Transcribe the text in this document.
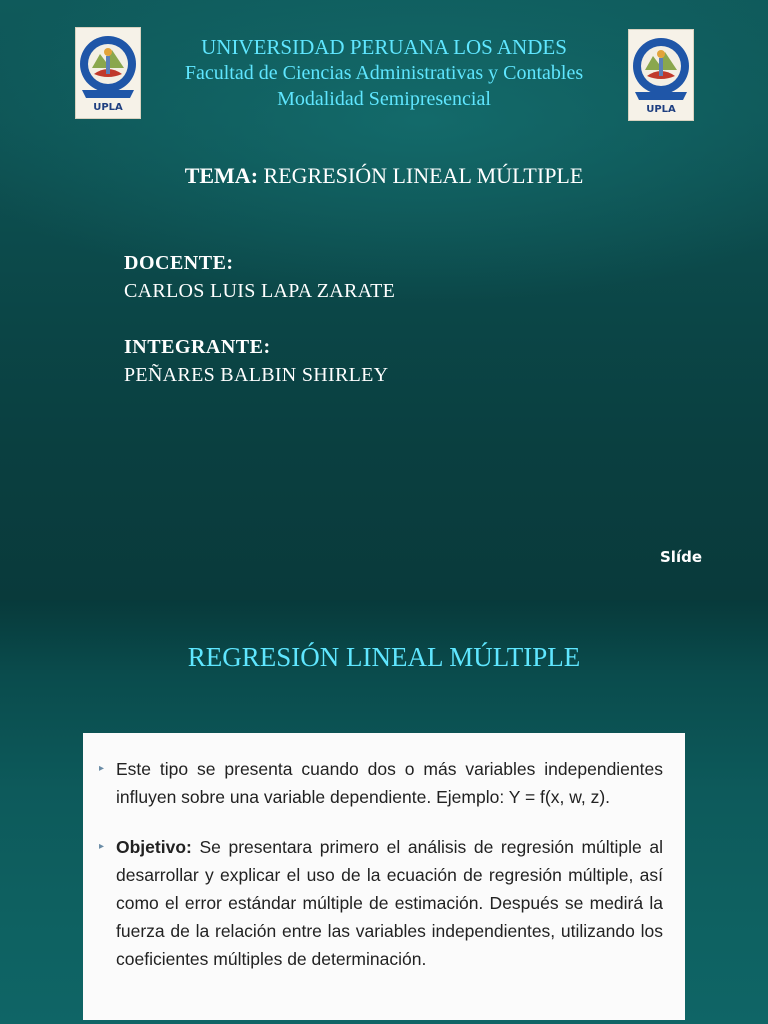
UPLA	UPLA
UNIVERSIDAD PERUANA LOS ANDES
Facultad de Ciencias Administrativas y Contables
Modalidad Semipresencial
TEMA: REGRESIÓN LINEAL MÚLTIPLE
DOCENTE:
CARLOS LUIS LAPA ZARATE
INTEGRANTE:
PEÑARES BALBIN SHIRLEY
Slíde
REGRESIÓN LINEAL MÚLTIPLE
▸ Este tipo se presenta cuando dos o más variables independientes influyen sobre una variable dependiente. Ejemplo: Y = f(x, w, z).
▸ Objetivo: Se presentara primero el análisis de regresión múltiple al desarrollar y explicar el uso de la ecuación de regresión múltiple, así como el error estándar múltiple de estimación. Después se medirá la fuerza de la relación entre las variables independientes, utilizando los coeficientes múltiples de determinación.
